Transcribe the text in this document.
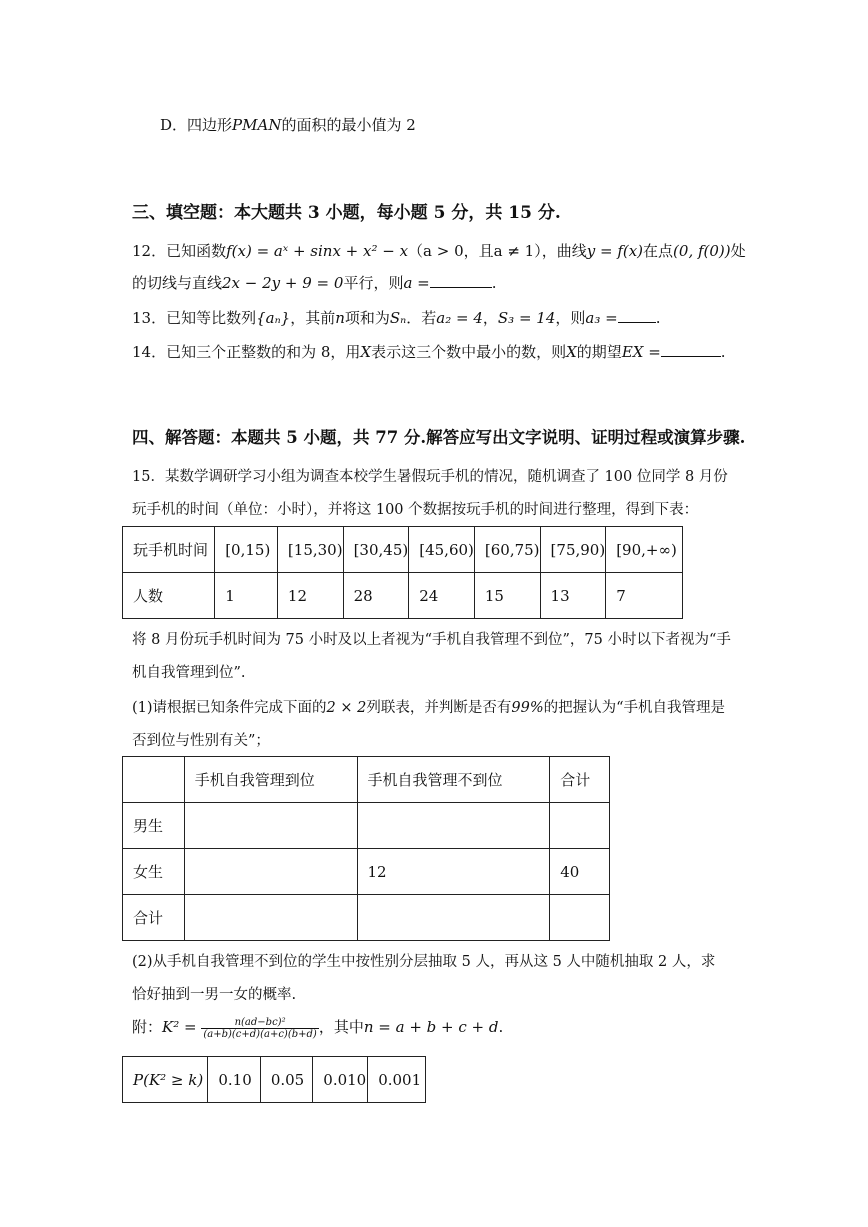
D．四边形PMAN的面积的最小值为 2
三、填空题：本大题共 3 小题，每小题 5 分，共 15 分.
12．已知函数f(x) = aˣ + sinx + x² − x（a > 0，且a ≠ 1），曲线y = f(x)在点(0, f(0))处
的切线与直线2x − 2y + 9 = 0平行，则a =	.
13．已知等比数列{aₙ}，其前n项和为Sₙ．若a₂ = 4，S₃ = 14，则a₃ =	.
14．已知三个正整数的和为 8，用X表示这三个数中最小的数，则X的期望EX =	.
四、解答题：本题共 5 小题，共 77 分.解答应写出文字说明、证明过程或演算步骤.
15．某数学调研学习小组为调查本校学生暑假玩手机的情况，随机调查了 100 位同学 8 月份
玩手机的时间（单位：小时），并将这 100 个数据按玩手机的时间进行整理，得到下表：
玩手机时间	[0,15)	[15,30)	[30,45)	[45,60)	[60,75)	[75,90)	[90,+∞)
人数	1	12	28	24	15	13	7
将 8 月份玩手机时间为 75 小时及以上者视为“手机自我管理不到位”，75 小时以下者视为“手
机自我管理到位”.
(1)请根据已知条件完成下面的2 × 2列联表，并判断是否有99%的把握认为“手机自我管理是
否到位与性别有关”；
	手机自我管理到位	手机自我管理不到位	合计
男生			
女生		12	40
合计			
(2)从手机自我管理不到位的学生中按性别分层抽取 5 人，再从这 5 人中随机抽取 2 人，求
恰好抽到一男一女的概率.
附：$K^2 = \frac{\text{n(ad−bc)²}}{(a+b)(c+d)(a+c)(b+d)}$ ，其中n = a + b + c + d.
P(K² ≥ k)	0.10	0.05	0.010	0.001
